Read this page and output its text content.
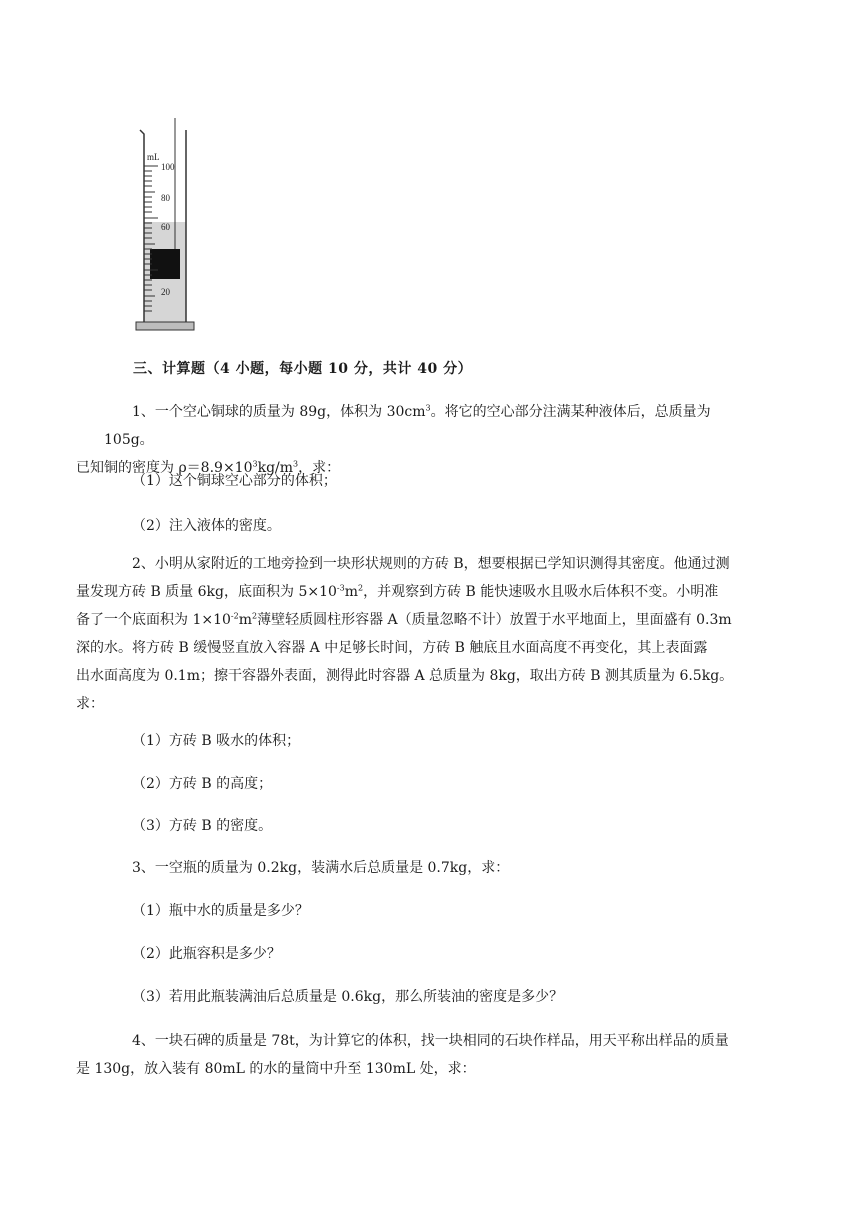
mL
100
80
60
20
三、计算题（4 小题，每小题 10 分，共计 40 分）
1、一个空心铜球的质量为 89g，体积为 $30cm^3$。将它的空心部分注满某种液体后，总质量为 105g。
已知铜的密度为 $\rho=8.9\times 10^3kg/m^3$，求：
（1）这个铜球空心部分的体积；
（2）注入液体的密度。
2、小明从家附近的工地旁捡到一块形状规则的方砖 B，想要根据已学知识测得其密度。他通过测
量发现方砖 B 质量 6kg，底面积为 $5\times 10^{-3}m^2$，并观察到方砖 B 能快速吸水且吸水后体积不变。小明准
备了一个底面积为 $1\times 10^{-2}m^2$薄壁轻质圆柱形容器 A（质量忽略不计）放置于水平地面上，里面盛有 0.3m
深的水。将方砖 B 缓慢竖直放入容器 A 中足够长时间，方砖 B 触底且水面高度不再变化，其上表面露
出水面高度为 0.1m；擦干容器外表面，测得此时容器 A 总质量为 8kg，取出方砖 B 测其质量为 6.5kg。
求：
（1）方砖 B 吸水的体积；
（2）方砖 B 的高度；
（3）方砖 B 的密度。
3、一空瓶的质量为 0.2kg，装满水后总质量是 0.7kg，求：
（1）瓶中水的质量是多少？
（2）此瓶容积是多少？
（3）若用此瓶装满油后总质量是 0.6kg，那么所装油的密度是多少？
4、一块石碑的质量是 78t，为计算它的体积，找一块相同的石块作样品，用天平称出样品的质量
是 130g，放入装有 80mL 的水的量筒中升至 130mL 处，求：
